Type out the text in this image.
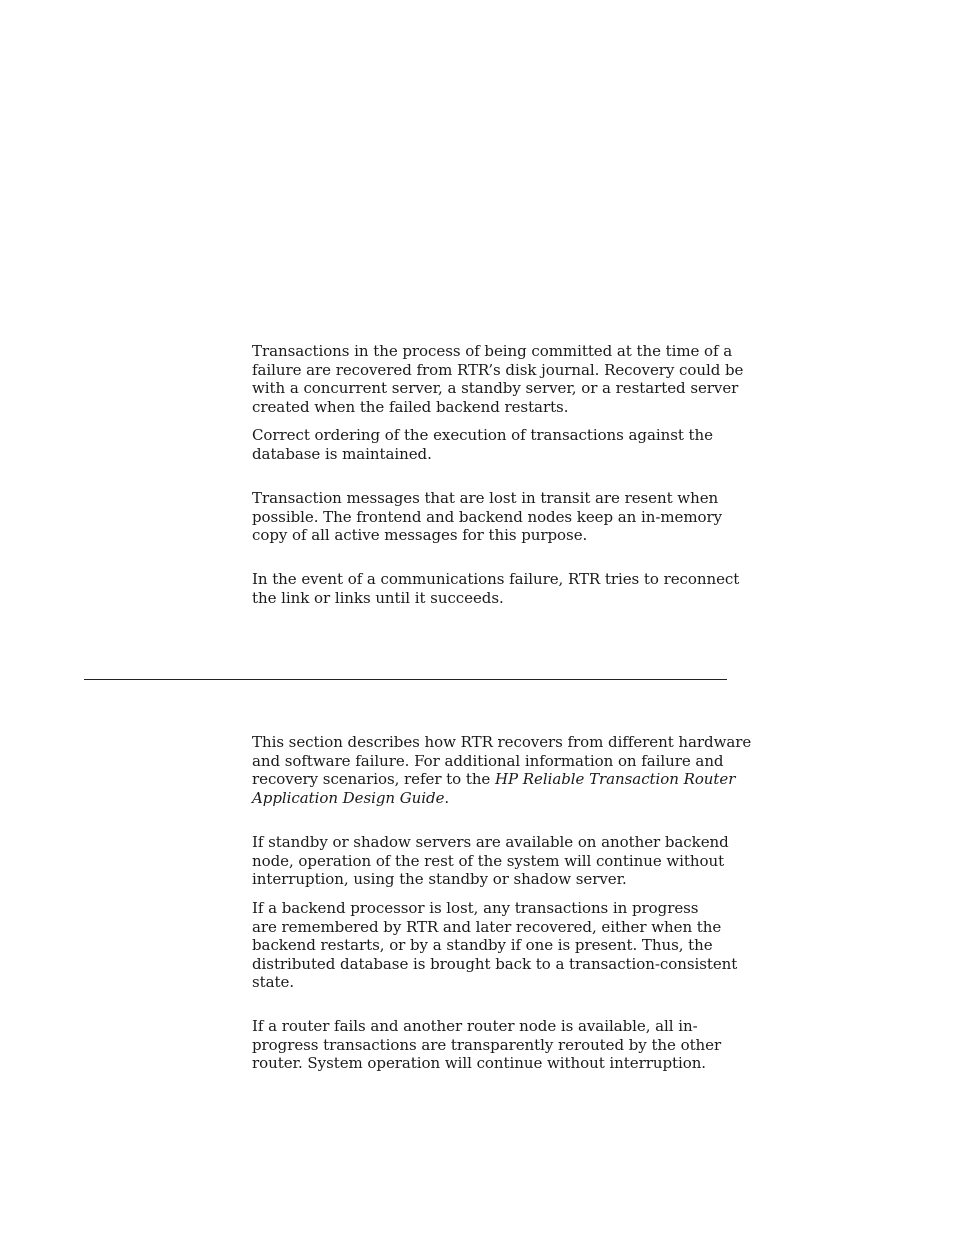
Transactions in the process of being committed at the time of a
failure are recovered from RTR’s disk journal. Recovery could be
with a concurrent server, a standby server, or a restarted server
created when the failed backend restarts.

Correct ordering of the execution of transactions against the
database is maintained.

Transaction messages that are lost in transit are resent when
possible. The frontend and backend nodes keep an in-memory
copy of all active messages for this purpose.

In the event of a communications failure, RTR tries to reconnect
the link or links until it succeeds.

This section describes how RTR recovers from different hardware
and software failure. For additional information on failure and
recovery scenarios, refer to the HP Reliable Transaction Router
Application Design Guide.

If standby or shadow servers are available on another backend
node, operation of the rest of the system will continue without
interruption, using the standby or shadow server.

If a backend processor is lost, any transactions in progress
are remembered by RTR and later recovered, either when the
backend restarts, or by a standby if one is present. Thus, the
distributed database is brought back to a transaction-consistent
state.

If a router fails and another router node is available, all in-
progress transactions are transparently rerouted by the other
router. System operation will continue without interruption.
